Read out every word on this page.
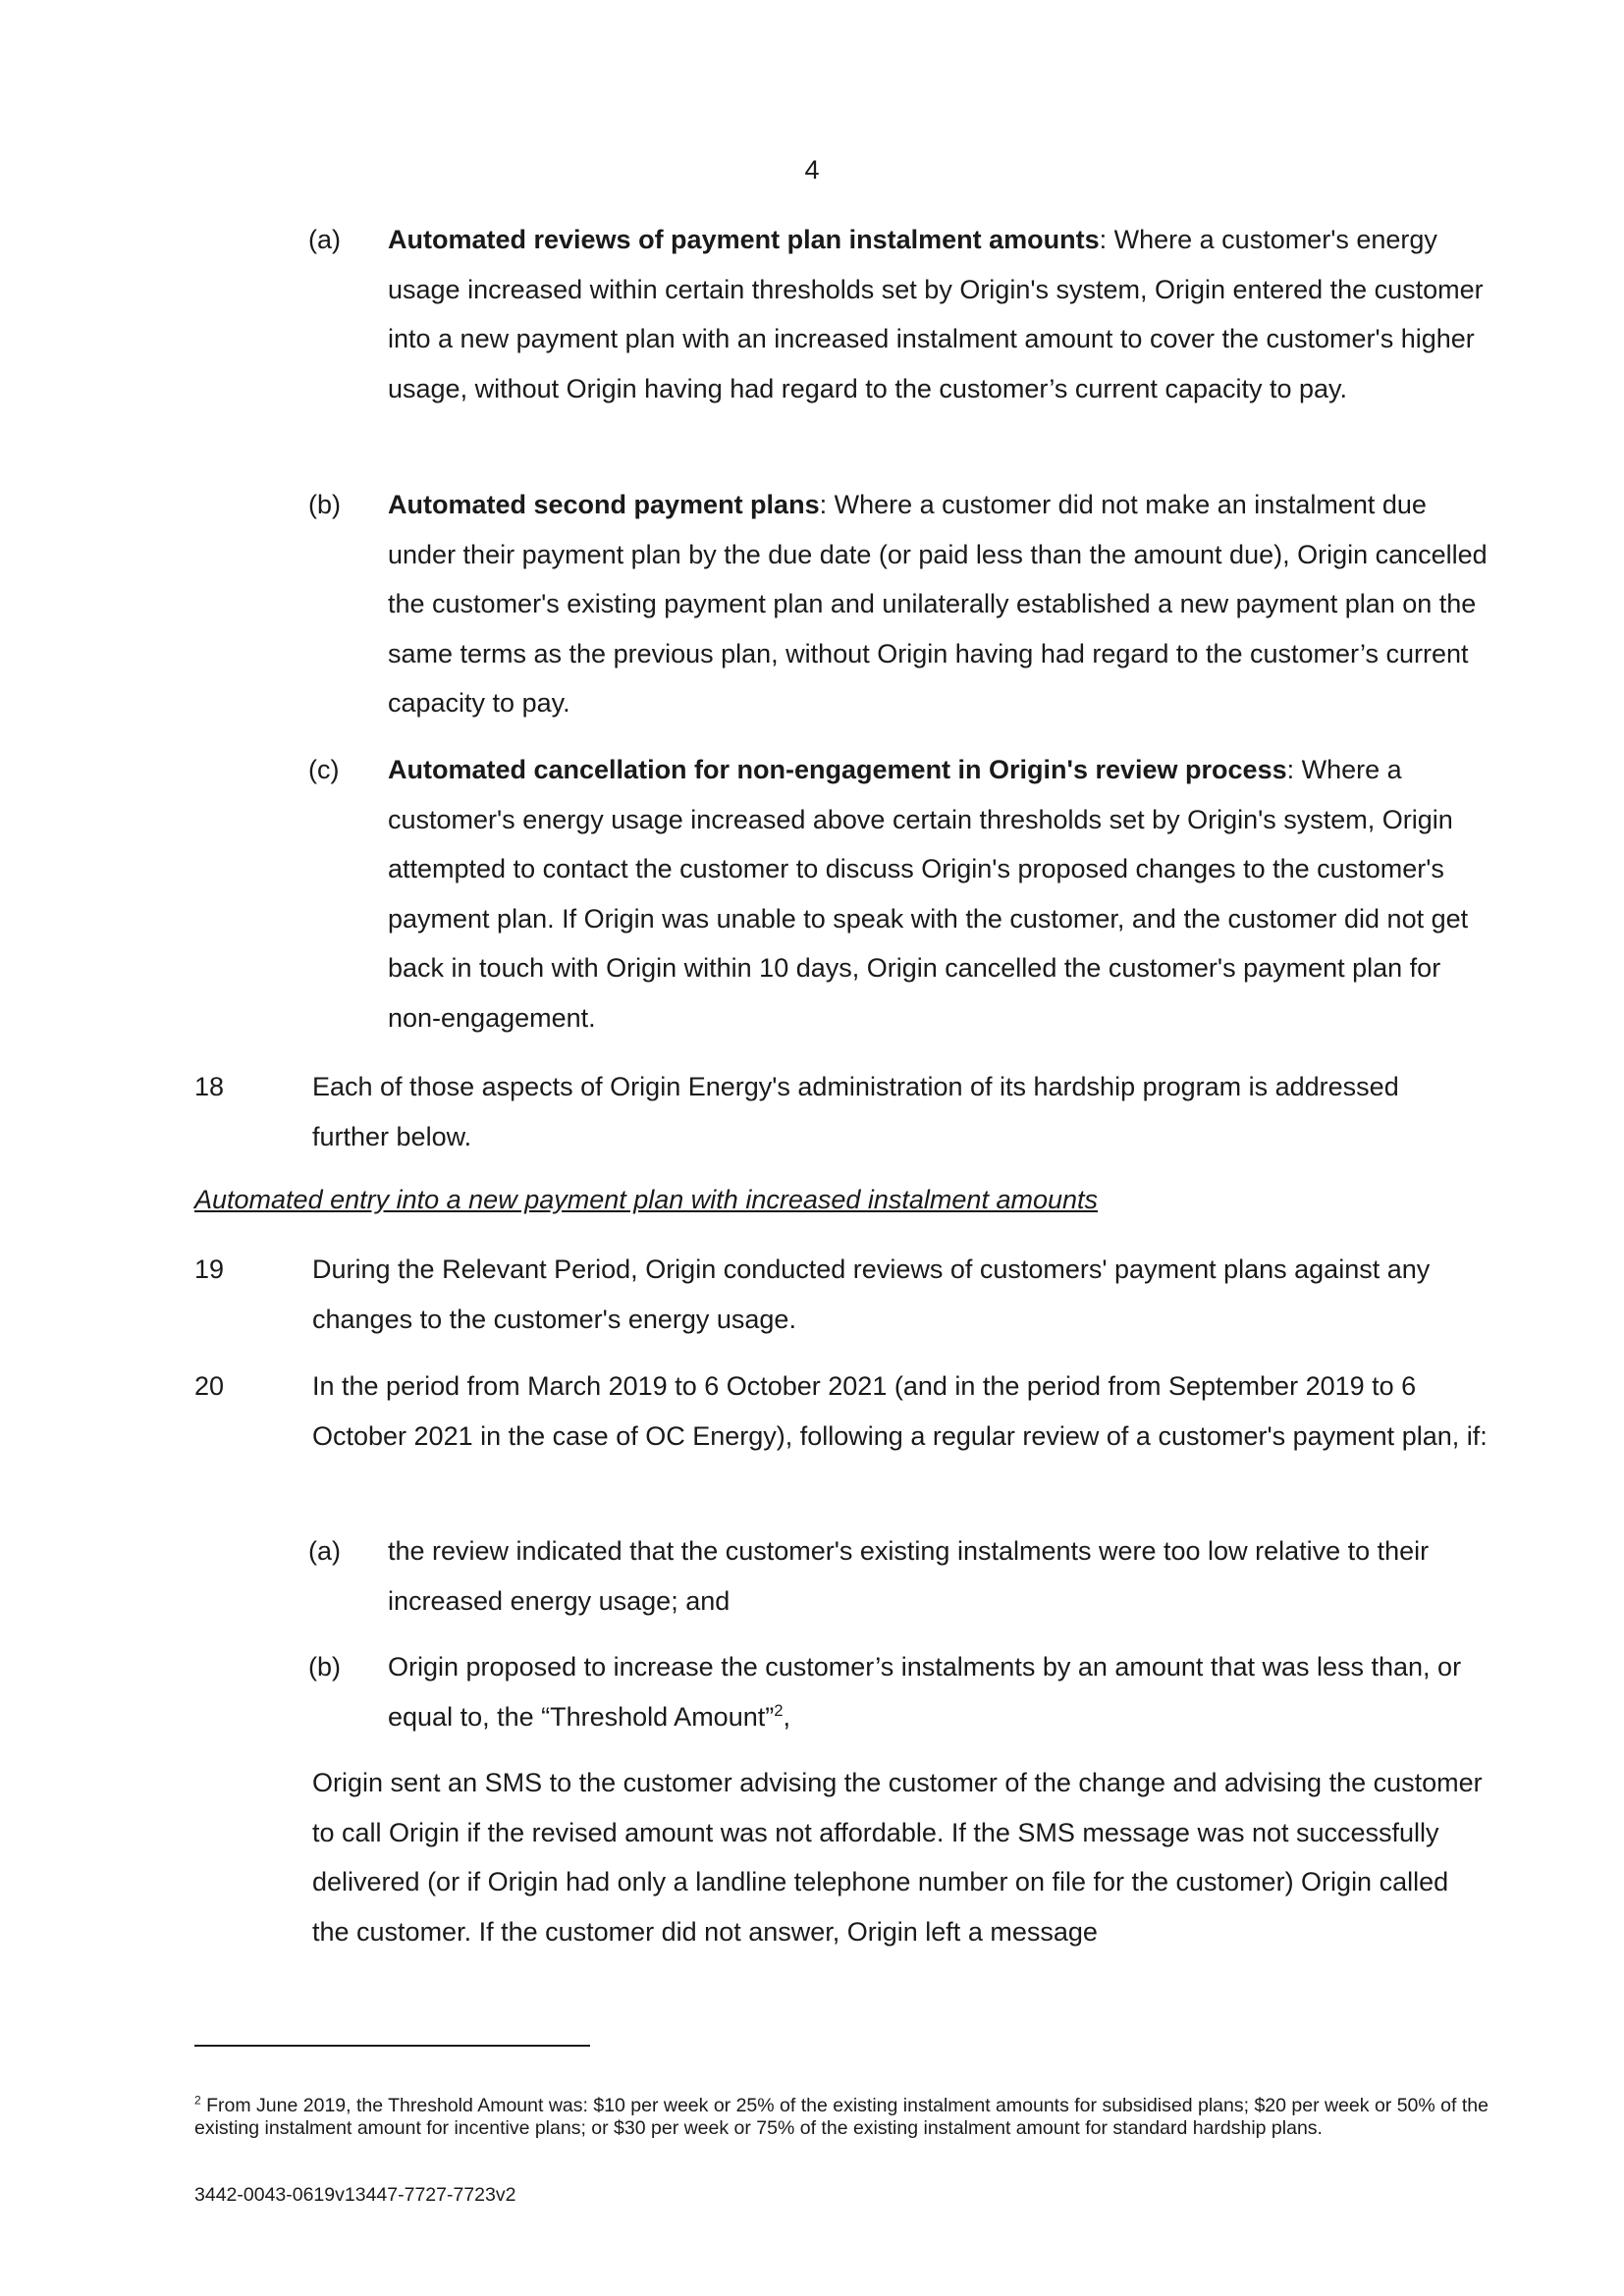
4
(a) Automated reviews of payment plan instalment amounts: Where a customer's energy usage increased within certain thresholds set by Origin's system, Origin entered the customer into a new payment plan with an increased instalment amount to cover the customer's higher usage, without Origin having had regard to the customer’s current capacity to pay.
(b) Automated second payment plans: Where a customer did not make an instalment due under their payment plan by the due date (or paid less than the amount due), Origin cancelled the customer's existing payment plan and unilaterally established a new payment plan on the same terms as the previous plan, without Origin having had regard to the customer’s current capacity to pay.
(c) Automated cancellation for non-engagement in Origin's review process: Where a customer's energy usage increased above certain thresholds set by Origin's system, Origin attempted to contact the customer to discuss Origin's proposed changes to the customer's payment plan. If Origin was unable to speak with the customer, and the customer did not get back in touch with Origin within 10 days, Origin cancelled the customer's payment plan for non-engagement.
18	Each of those aspects of Origin Energy's administration of its hardship program is addressed further below.
Automated entry into a new payment plan with increased instalment amounts
19	During the Relevant Period, Origin conducted reviews of customers' payment plans against any changes to the customer's energy usage.
20	In the period from March 2019 to 6 October 2021 (and in the period from September 2019 to 6 October 2021 in the case of OC Energy), following a regular review of a customer's payment plan, if:
(a) the review indicated that the customer's existing instalments were too low relative to their increased energy usage; and
(b) Origin proposed to increase the customer’s instalments by an amount that was less than, or equal to, the “Threshold Amount”$^2$,
Origin sent an SMS to the customer advising the customer of the change and advising the customer to call Origin if the revised amount was not affordable. If the SMS message was not successfully delivered (or if Origin had only a landline telephone number on file for the customer) Origin called the customer. If the customer did not answer, Origin left a message
$^2$ From June 2019, the Threshold Amount was: $10 per week or 25% of the existing instalment amounts for subsidised plans; $20 per week or 50% of the existing instalment amount for incentive plans; or $30 per week or 75% of the existing instalment amount for standard hardship plans.
3442-0043-0619v13447-7727-7723v2
